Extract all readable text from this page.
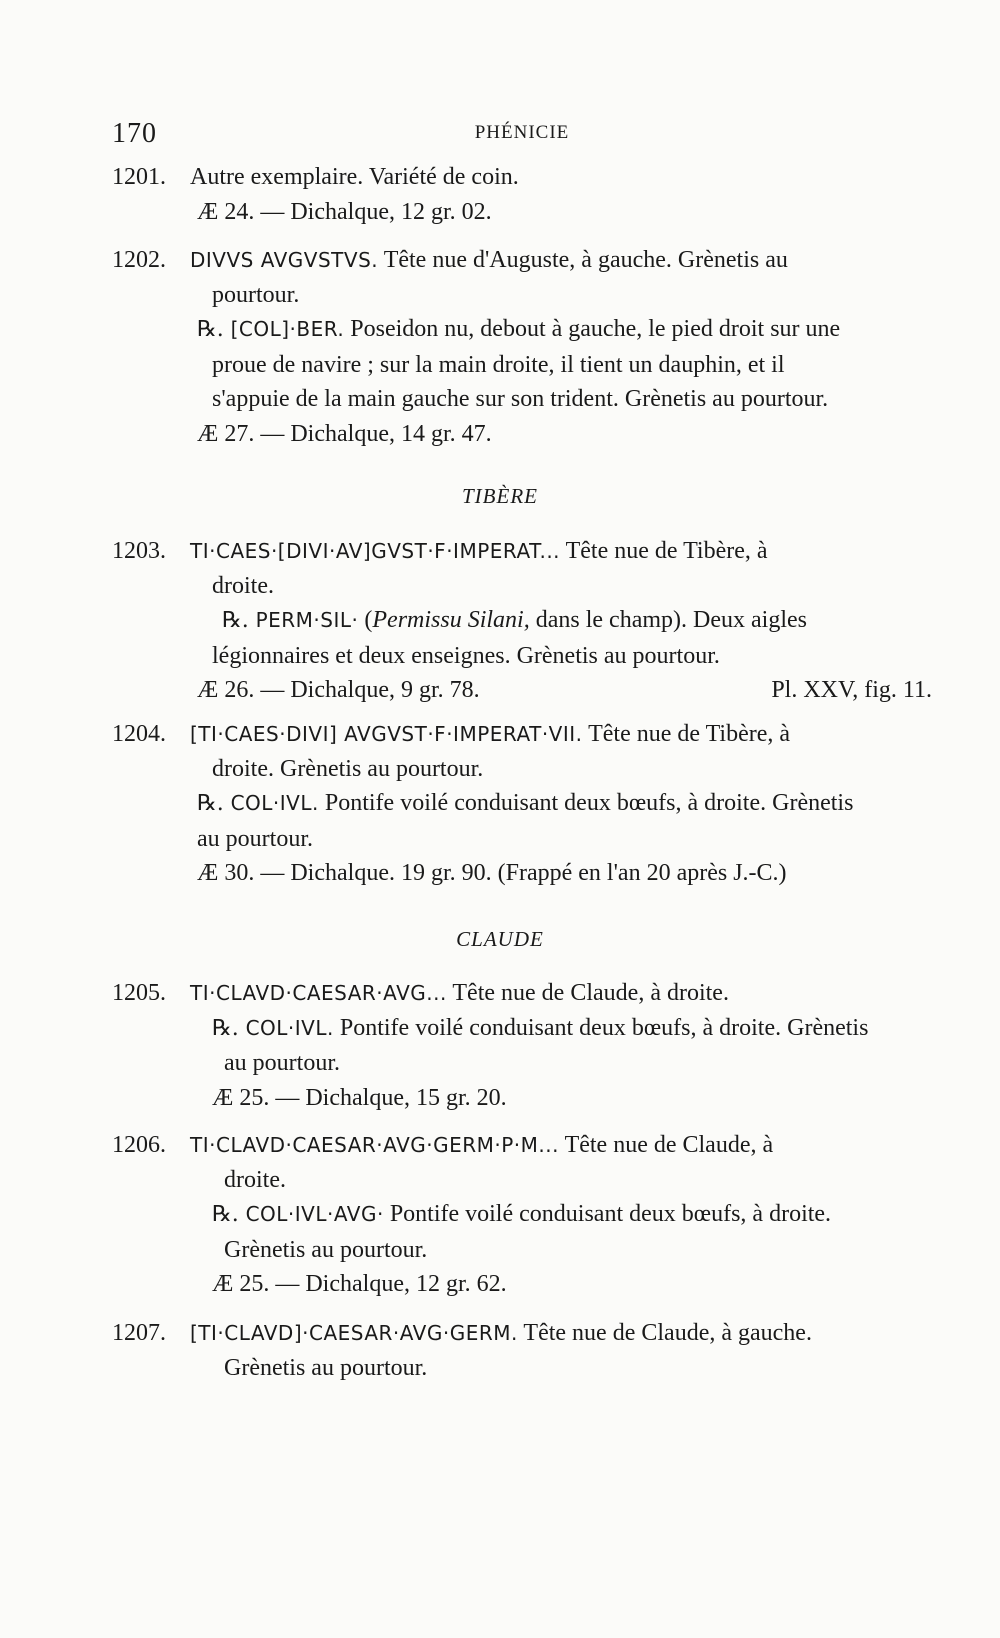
170	PHÉNICIE
1201. Autre exemplaire. Variété de coin.
Æ 24. — Dichalque, 12 gr. 02.
1202. DIVVS AVGVSTVS. Tête nue d'Auguste, à gauche. Grènetis au
pourtour.
℞. [COL]·BER. Poseidon nu, debout à gauche, le pied droit sur une
proue de navire ; sur la main droite, il tient un dauphin, et il
s'appuie de la main gauche sur son trident. Grènetis au pourtour.
Æ 27. — Dichalque, 14 gr. 47.
TIBÈRE
1203. TI·CAES·[DIVI·AV]GVST·F·IMPERAT... Tête nue de Tibère, à
droite.
℞. PERM·SIL· (Permissu Silani, dans le champ). Deux aigles
légionnaires et deux enseignes. Grènetis au pourtour.
Æ 26. — Dichalque, 9 gr. 78.	Pl. XXV, fig. 11.
1204. [TI·CAES·DIVI] AVGVST·F·IMPERAT·VII. Tête nue de Tibère, à
droite. Grènetis au pourtour.
℞. COL·IVL. Pontife voilé conduisant deux bœufs, à droite. Grènetis
au pourtour.
Æ 30. — Dichalque. 19 gr. 90. (Frappé en l'an 20 après J.-C.)
CLAUDE
1205. TI·CLAVD·CAESAR·AVG... Tête nue de Claude, à droite.
℞. COL·IVL. Pontife voilé conduisant deux bœufs, à droite. Grènetis
au pourtour.
Æ 25. — Dichalque, 15 gr. 20.
1206. TI·CLAVD·CAESAR·AVG·GERM·P·M... Tête nue de Claude, à
droite.
℞. COL·IVL·AVG· Pontife voilé conduisant deux bœufs, à droite.
Grènetis au pourtour.
Æ 25. — Dichalque, 12 gr. 62.
1207. [TI·CLAVD]·CAESAR·AVG·GERM. Tête nue de Claude, à gauche.
Grènetis au pourtour.
